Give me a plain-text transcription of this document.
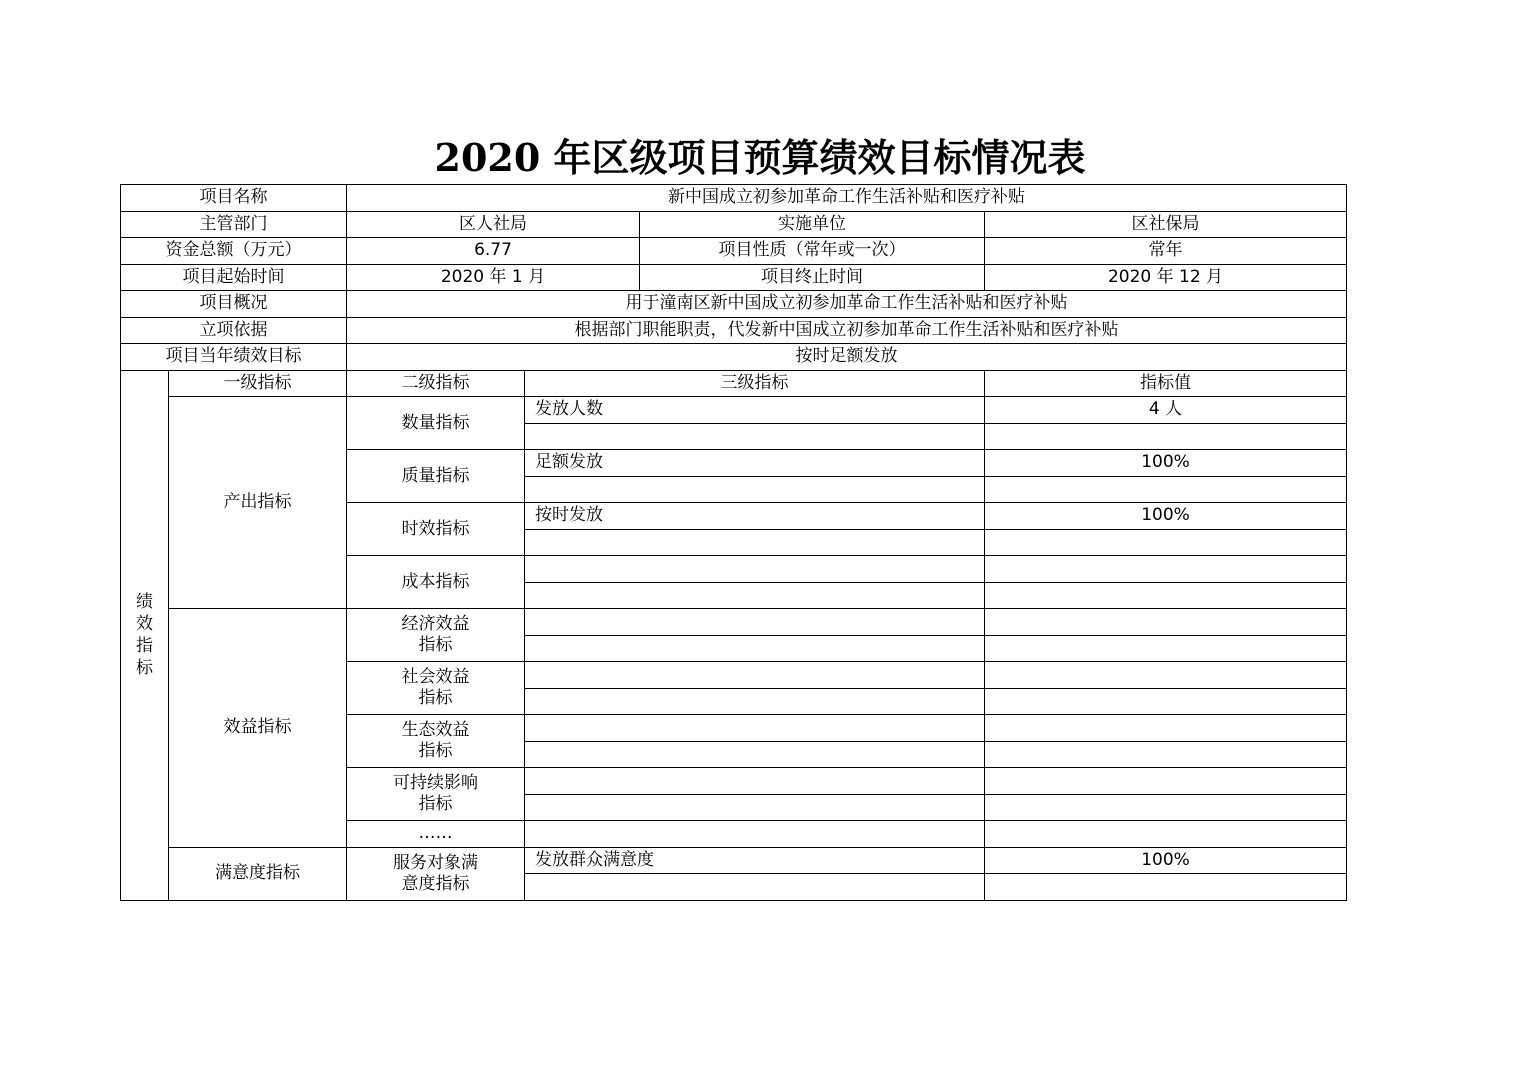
2020 年区级项目预算绩效目标情况表
项目名称		新中国成立初参加革命工作生活补贴和医疗补贴			
主管部门		区人社局		实施单位	区社保局
资金总额（万元）		6.77		项目性质（常年或一次）	常年
项目起始时间		2020 年 1 月		项目终止时间	2020 年 12 月
项目概况		用于潼南区新中国成立初参加革命工作生活补贴和医疗补贴			
立项依据		根据部门职能职责，代发新中国成立初参加革命工作生活补贴和医疗补贴			
项目当年绩效目标		按时足额发放			
绩效指标	一级指标	二级指标	三级指标		指标值
	产出指标	数量指标	发放人数		4 人

		质量指标	足额发放		100%

		时效指标	按时发放		100%

		成本指标			

	效益指标	经济效益指标			

		社会效益指标			

		生态效益指标			

		可持续影响指标			

		……			
	满意度指标	服务对象满意度指标	发放群众满意度		100%
